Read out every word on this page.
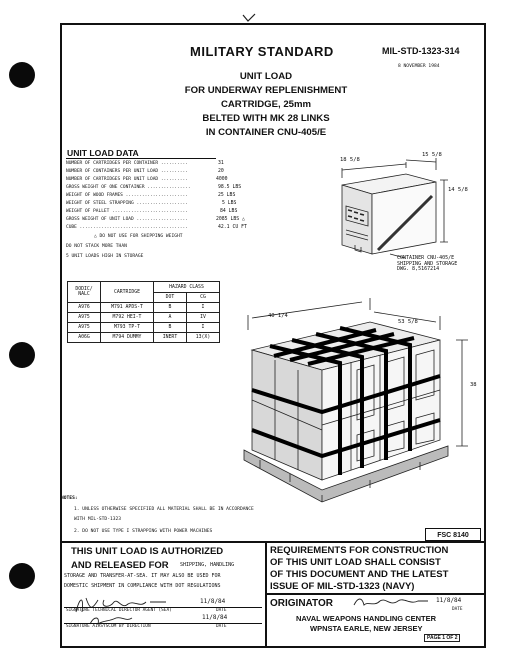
MILITARY STANDARD	MIL-STD-1323-314
8 NOVEMBER 1984
UNIT LOAD
FOR UNDERWAY REPLENISHMENT
CARTRIDGE, 25mm
BELTED WITH MK 28 LINKS
IN CONTAINER CNU-405/E
UNIT LOAD DATA
NUMBER OF CARTRIDGES PER CONTAINER ..........	31
NUMBER OF CONTAINERS PER UNIT LOAD ..........	20
NUMBER OF CARTRIDGES PER UNIT LOAD ..........	4000
GROSS WEIGHT OF ONE CONTAINER ................	98.5 LBS
WEIGHT OF WOOD FRAMES .......................	25 LBS
WEIGHT OF STEEL STRAPPING ...................	5 LBS
WEIGHT OF PALLET ............................	84 LBS
GROSS WEIGHT OF UNIT LOAD ...................	2085 LBS △
CUBE ........................................	42.1 CU FT
△ DO NOT USE FOR SHIPPING WEIGHT
DO NOT STACK MORE THAN
5 UNIT LOADS HIGH IN STORAGE
DODIC/ NALC	CARTRIDGE	HAZARD CLASS	
		DOT	CG
A976	M791 APDS-T	B	I
A975	M792 HEI-T	A	IV
A975	M793 TP-T	B	I
A06G	M794 DUMMY	INERT	13(X)
18 5/8
15 5/8
14 5/8
CONTAINER CNU-405/E
SHIPPING AND STORAGE
DWG. 8,5167214
40 1/4
53 5/8
38
NOTES:
1. UNLESS OTHERWISE SPECIFIED ALL MATERIAL SHALL BE IN ACCORDANCE
WITH MIL-STD-1323
2. DO NOT USE TYPE I STRAPPING WITH POWER MACHINES
FSC 8140
THIS UNIT LOAD IS AUTHORIZED
AND RELEASED FOR SHIPPING, HANDLING
STORAGE AND TRANSFER-AT-SEA. IT MAY ALSO BE USED FOR
DOMESTIC SHIPMENT IN COMPLIANCE WITH DOT REGULATIONS
11/8/84
SIGNATURE TECHNICAL DIRECTOR AGENT (SEA)	DATE
11/8/84
SIGNATURE AIRSYSCOM BY DIRECTION	DATE
REQUIREMENTS FOR CONSTRUCTION
OF THIS UNIT LOAD SHALL CONSIST
OF THIS DOCUMENT AND THE LATEST
ISSUE OF MIL-STD-1323 (NAVY)
ORIGINATOR	11/8/84
DATE
NAVAL WEAPONS HANDLING CENTER
WPNSTA EARLE, NEW JERSEY
PAGE 1 OF 2
